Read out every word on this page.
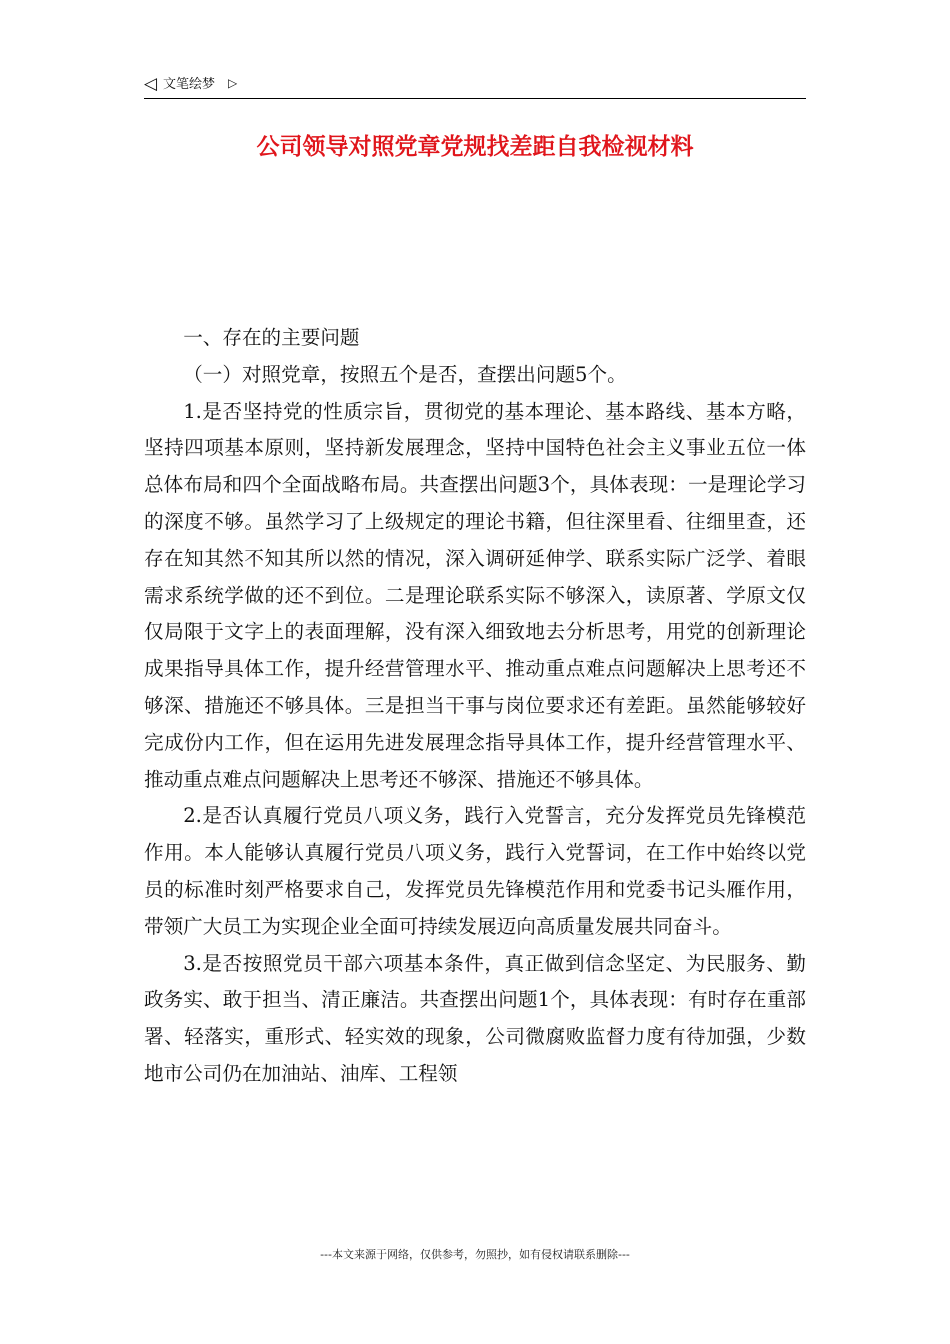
◁ 文笔绘梦 ▷
公司领导对照党章党规找差距自我检视材料

一、存在的主要问题

（一）对照党章，按照五个是否，查摆出问题5个。

1.是否坚持党的性质宗旨，贯彻党的基本理论、基本路线、基本方略，坚持四项基本原则，坚持新发展理念，坚持中国特色社会主义事业五位一体总体布局和四个全面战略布局。共查摆出问题3个，具体表现：一是理论学习的深度不够。虽然学习了上级规定的理论书籍，但往深里看、往细里查，还存在知其然不知其所以然的情况，深入调研延伸学、联系实际广泛学、着眼需求系统学做的还不到位。二是理论联系实际不够深入，读原著、学原文仅仅局限于文字上的表面理解，没有深入细致地去分析思考，用党的创新理论成果指导具体工作，提升经营管理水平、推动重点难点问题解决上思考还不够深、措施还不够具体。三是担当干事与岗位要求还有差距。虽然能够较好完成份内工作，但在运用先进发展理念指导具体工作，提升经营管理水平、推动重点难点问题解决上思考还不够深、措施还不够具体。

2.是否认真履行党员八项义务，践行入党誓言，充分发挥党员先锋模范作用。本人能够认真履行党员八项义务，践行入党誓词，在工作中始终以党员的标准时刻严格要求自己，发挥党员先锋模范作用和党委书记头雁作用，带领广大员工为实现企业全面可持续发展迈向高质量发展共同奋斗。

3.是否按照党员干部六项基本条件，真正做到信念坚定、为民服务、勤政务实、敢于担当、清正廉洁。共查摆出问题1个，具体表现：有时存在重部署、轻落实，重形式、轻实效的现象，公司微腐败监督力度有待加强，少数地市公司仍在加油站、油库、工程领

---本文来源于网络，仅供参考，勿照抄，如有侵权请联系删除---
